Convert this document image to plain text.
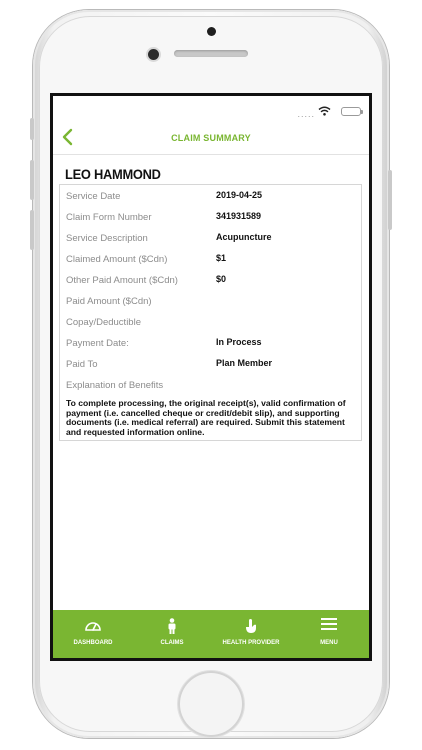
.....
CLAIM SUMMARY
LEO HAMMOND
Service Date	2019-04-25
Claim Form Number	341931589
Service Description	Acupuncture
Claimed Amount ($Cdn)	$1
Other Paid Amount ($Cdn)	$0
Paid Amount ($Cdn)
Copay/Deductible
Payment Date:	In Process
Paid To	Plan Member
Explanation of Benefits
To complete processing, the original receipt(s), valid confirmation of payment (i.e. cancelled cheque or credit/debit slip), and supporting documents (i.e. medical referral) are required. Submit this statement and requested information online.
DASHBOARD	CLAIMS	HEALTH PROVIDER	MENU
